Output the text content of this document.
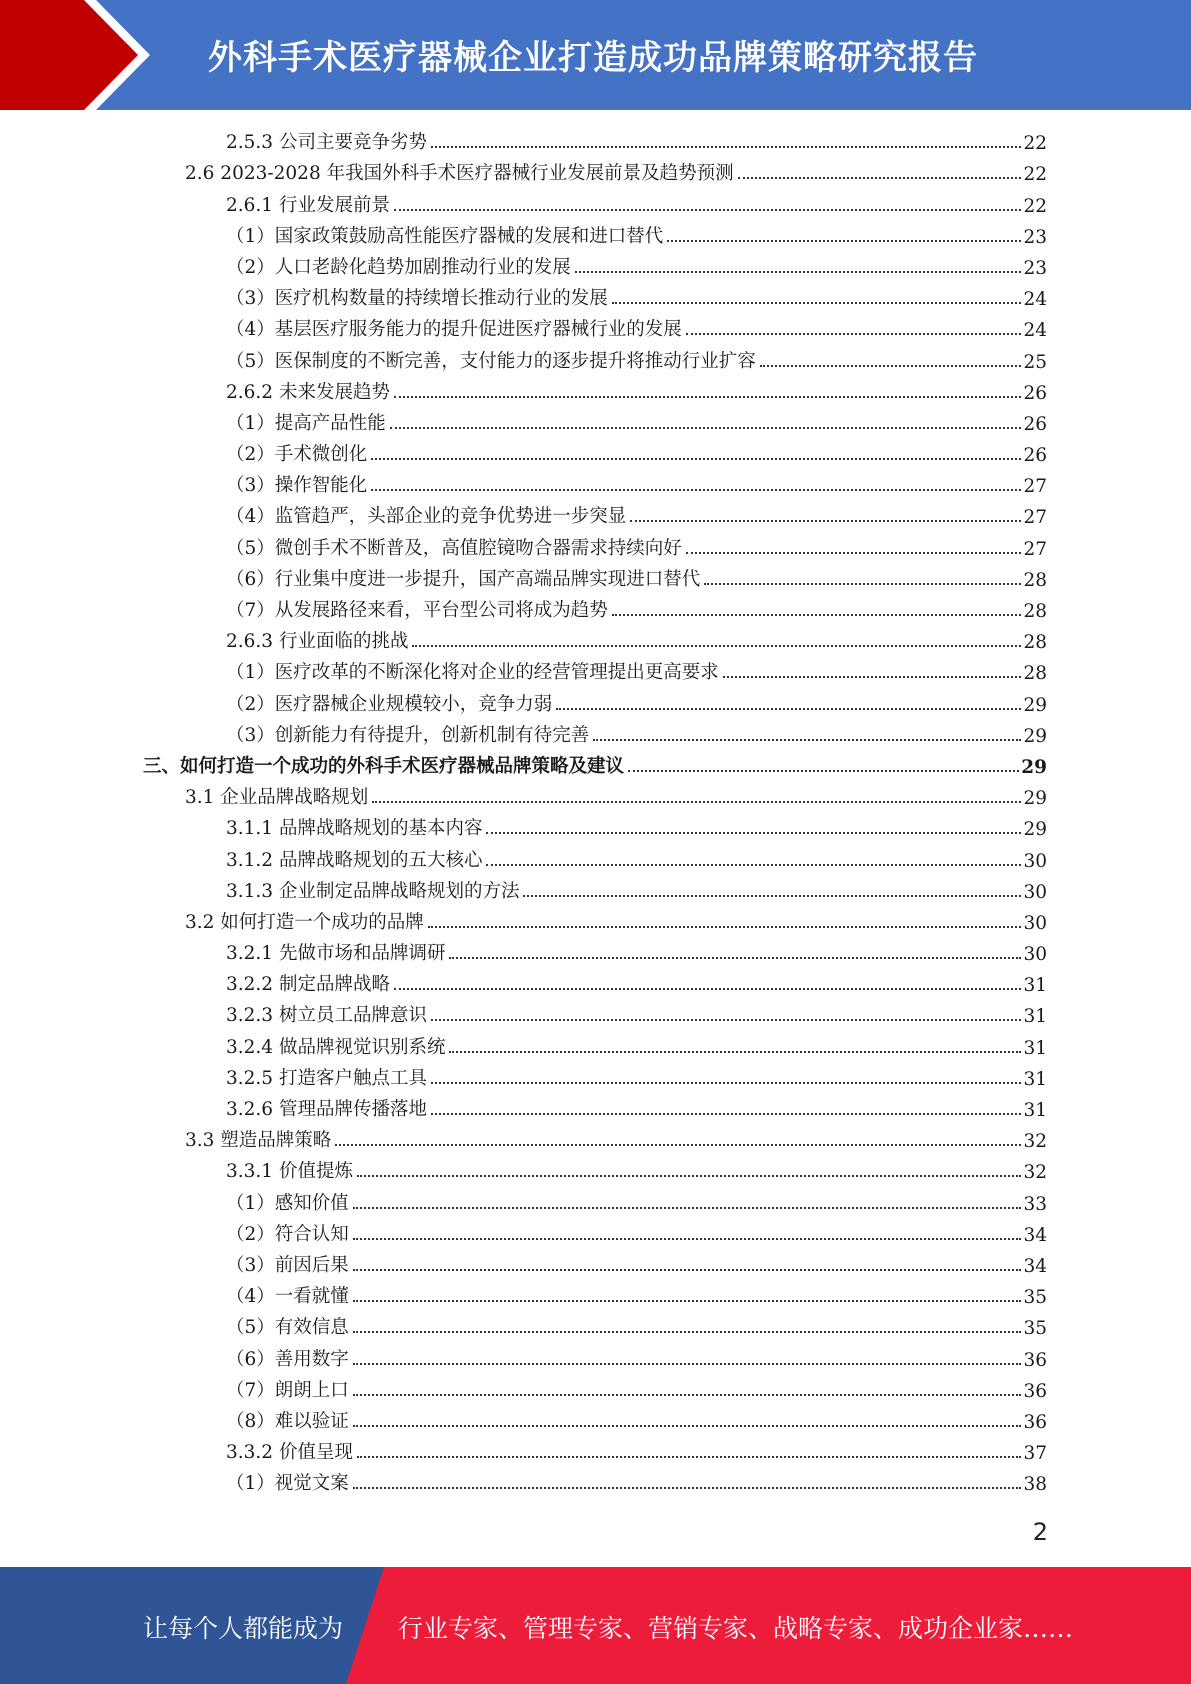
外科手术医疗器械企业打造成功品牌策略研究报告
2.5.3 公司主要竞争劣势	22
2.6 2023-2028 年我国外科手术医疗器械行业发展前景及趋势预测	22
2.6.1 行业发展前景	22
（1）国家政策鼓励高性能医疗器械的发展和进口替代	23
（2）人口老龄化趋势加剧推动行业的发展	23
（3）医疗机构数量的持续增长推动行业的发展	24
（4）基层医疗服务能力的提升促进医疗器械行业的发展	24
（5）医保制度的不断完善，支付能力的逐步提升将推动行业扩容	25
2.6.2 未来发展趋势	26
（1）提高产品性能	26
（2）手术微创化	26
（3）操作智能化	27
（4）监管趋严，头部企业的竞争优势进一步突显	27
（5）微创手术不断普及，高值腔镜吻合器需求持续向好	27
（6）行业集中度进一步提升，国产高端品牌实现进口替代	28
（7）从发展路径来看，平台型公司将成为趋势	28
2.6.3 行业面临的挑战	28
（1）医疗改革的不断深化将对企业的经营管理提出更高要求	28
（2）医疗器械企业规模较小，竞争力弱	29
（3）创新能力有待提升，创新机制有待完善	29
三、如何打造一个成功的外科手术医疗器械品牌策略及建议	29
3.1 企业品牌战略规划	29
3.1.1 品牌战略规划的基本内容	29
3.1.2 品牌战略规划的五大核心	30
3.1.3 企业制定品牌战略规划的方法	30
3.2 如何打造一个成功的品牌	30
3.2.1 先做市场和品牌调研	30
3.2.2 制定品牌战略	31
3.2.3 树立员工品牌意识	31
3.2.4 做品牌视觉识别系统	31
3.2.5 打造客户触点工具	31
3.2.6 管理品牌传播落地	31
3.3 塑造品牌策略	32
3.3.1 价值提炼	32
（1）感知价值	33
（2）符合认知	34
（3）前因后果	34
（4）一看就懂	35
（5）有效信息	35
（6）善用数字	36
（7）朗朗上口	36
（8）难以验证	36
3.3.2 价值呈现	37
（1）视觉文案	38
2
让每个人都能成为 行业专家、管理专家、营销专家、战略专家、成功企业家……
